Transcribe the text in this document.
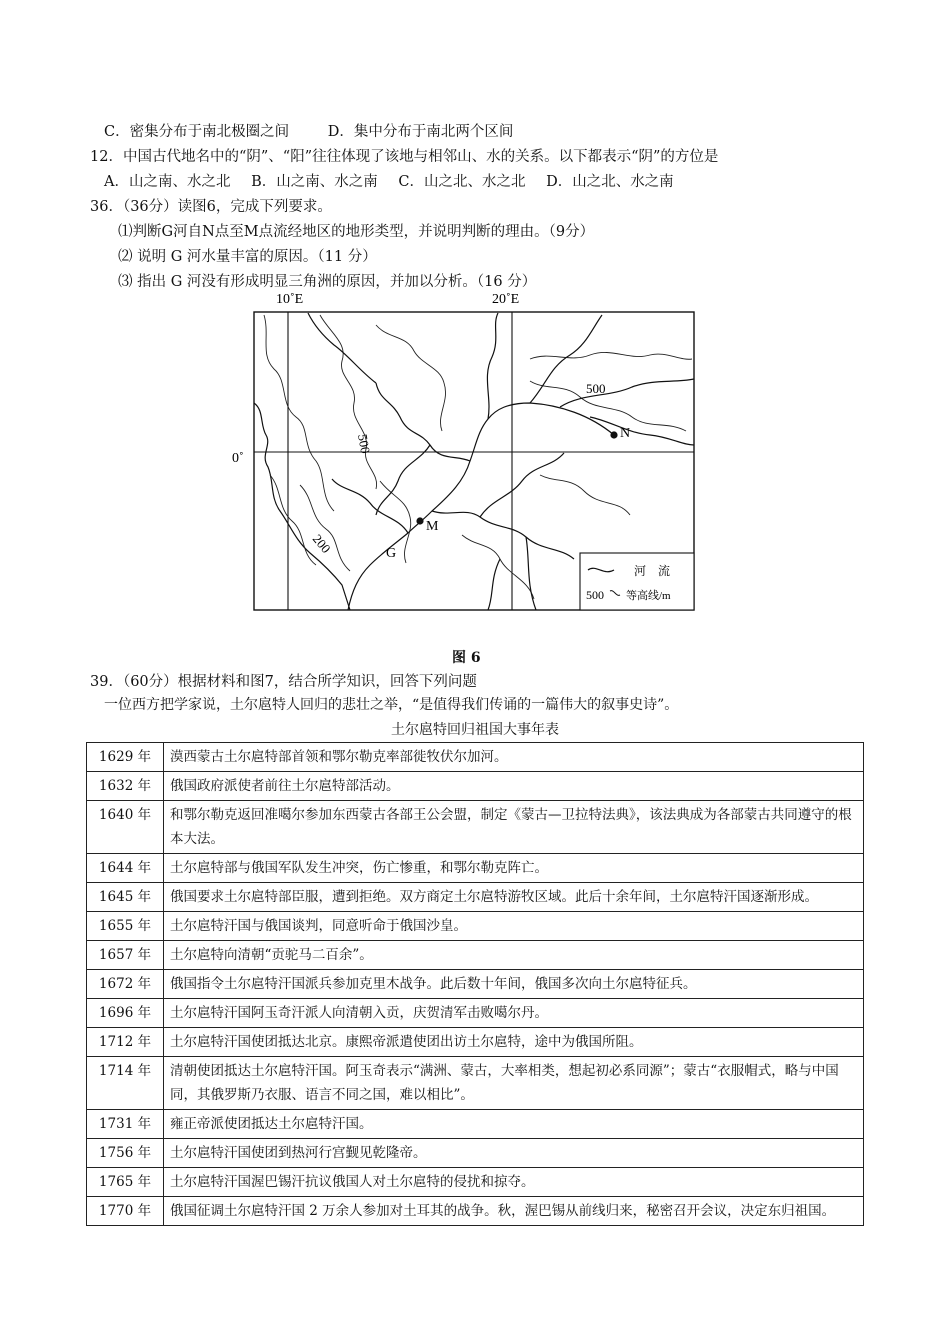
C．密集分布于南北极圈之间	D．集中分布于南北两个区间
12．中国古代地名中的“阴”、“阳”往往体现了该地与相邻山、水的关系。以下都表示“阴”的方位是
A．山之南、水之北 B．山之南、水之南 C．山之北、水之北 D．山之北、水之南
36．（36分）读图6，完成下列要求。
⑴判断G河自N点至M点流经地区的地形类型，并说明判断的理由。（9分）
⑵ 说明 G 河水量丰富的原因。（11 分）
⑶ 指出 G 河没有形成明显三角洲的原因，并加以分析。（16 分）
10˚E	20˚E
0˚
500
500
200
N
M
G
河　流
500 等高线/m
图 6
39．（60分）根据材料和图7，结合所学知识，回答下列问题
一位西方把学家说，土尔扈特人回归的悲壮之举，“是值得我们传诵的一篇伟大的叙事史诗”。
土尔扈特回归祖国大事年表
1629 年	漠西蒙古土尔扈特部首领和鄂尔勒克率部徙牧伏尔加河。
1632 年	俄国政府派使者前往土尔扈特部活动。
1640 年	和鄂尔勒克返回准噶尔参加东西蒙古各部王公会盟，制定《蒙古—卫拉特法典》，该法典成为各部蒙古共同遵守的根本大法。
1644 年	土尔扈特部与俄国军队发生冲突，伤亡惨重，和鄂尔勒克阵亡。
1645 年	俄国要求土尔扈特部臣服，遭到拒绝。双方商定土尔扈特游牧区域。此后十余年间，土尔扈特汗国逐渐形成。
1655 年	土尔扈特汗国与俄国谈判，同意听命于俄国沙皇。
1657 年	土尔扈特向清朝“贡驼马二百余”。
1672 年	俄国指令土尔扈特汗国派兵参加克里木战争。此后数十年间，俄国多次向土尔扈特征兵。
1696 年	土尔扈特汗国阿玉奇汗派人向清朝入贡，庆贺清军击败噶尔丹。
1712 年	土尔扈特汗国使团抵达北京。康熙帝派遣使团出访土尔扈特，途中为俄国所阻。
1714 年	清朝使团抵达土尔扈特汗国。阿玉奇表示“满洲、蒙古，大率相类，想起初必系同源”；蒙古“衣服帽式，略与中国同，其俄罗斯乃衣服、语言不同之国，难以相比”。
1731 年	雍正帝派使团抵达土尔扈特汗国。
1756 年	土尔扈特汗国使团到热河行宫觐见乾隆帝。
1765 年	土尔扈特汗国渥巴锡汗抗议俄国人对土尔扈特的侵扰和掠夺。
1770 年	俄国征调土尔扈特汗国 2 万余人参加对土耳其的战争。秋，渥巴锡从前线归来，秘密召开会议，决定东归祖国。
